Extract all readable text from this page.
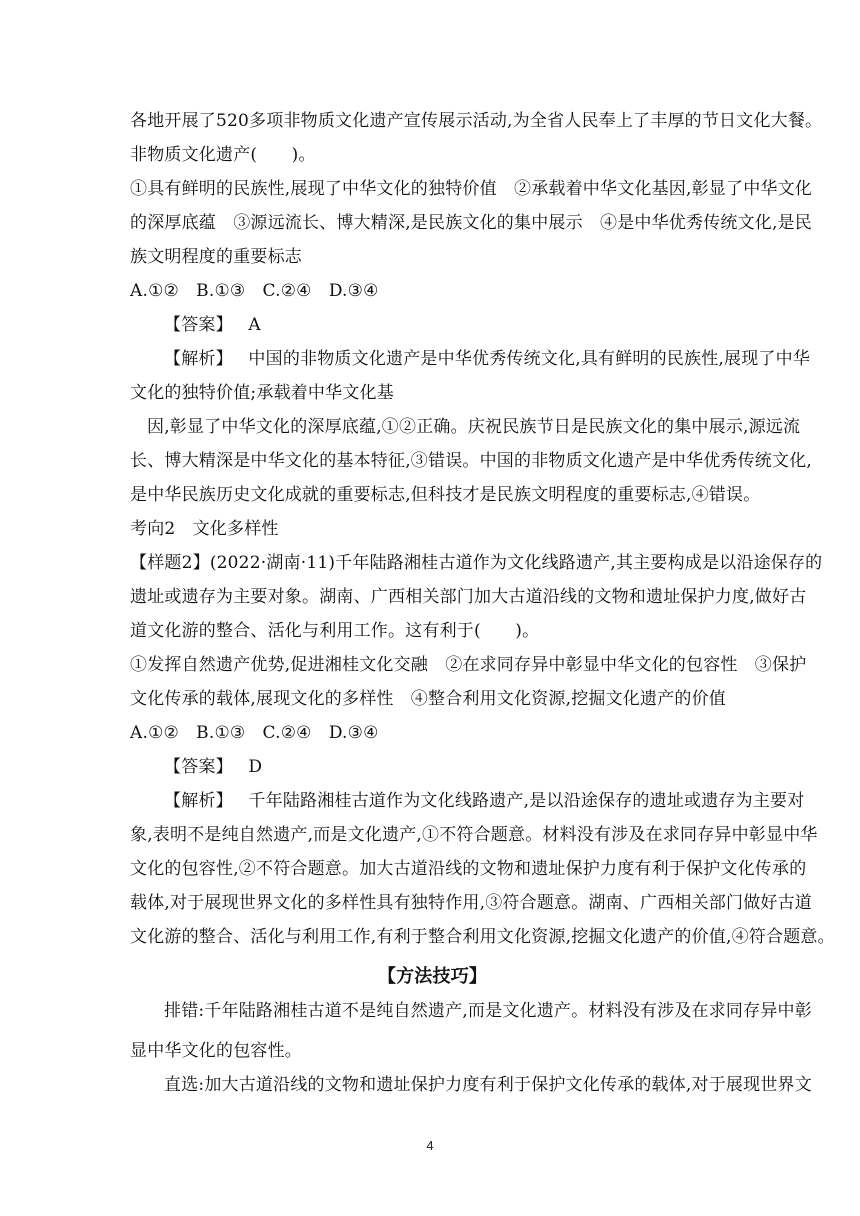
各地开展了520多项非物质文化遗产宣传展示活动,为全省人民奉上了丰厚的节日文化大餐。
非物质文化遗产(　　)。
①具有鲜明的民族性,展现了中华文化的独特价值　②承载着中华文化基因,彰显了中华文化
的深厚底蕴　③源远流长、博大精深,是民族文化的集中展示　④是中华优秀传统文化,是民
族文明程度的重要标志
A.①②　B.①③　C.②④　D.③④
【答案】 A
【解析】 中国的非物质文化遗产是中华优秀传统文化,具有鲜明的民族性,展现了中华
文化的独特价值;承载着中华文化基
因,彰显了中华文化的深厚底蕴,①②正确。庆祝民族节日是民族文化的集中展示,源远流
长、博大精深是中华文化的基本特征,③错误。中国的非物质文化遗产是中华优秀传统文化,
是中华民族历史文化成就的重要标志,但科技才是民族文明程度的重要标志,④错误。
考向2　文化多样性
【样题2】(2022·湖南·11)千年陆路湘桂古道作为文化线路遗产,其主要构成是以沿途保存的
遗址或遗存为主要对象。湖南、广西相关部门加大古道沿线的文物和遗址保护力度,做好古
道文化游的整合、活化与利用工作。这有利于(　　)。
①发挥自然遗产优势,促进湘桂文化交融　②在求同存异中彰显中华文化的包容性　③保护
文化传承的载体,展现文化的多样性　④整合利用文化资源,挖掘文化遗产的价值
A.①②　B.①③　C.②④　D.③④
【答案】 D
【解析】 千年陆路湘桂古道作为文化线路遗产,是以沿途保存的遗址或遗存为主要对
象,表明不是纯自然遗产,而是文化遗产,①不符合题意。材料没有涉及在求同存异中彰显中华
文化的包容性,②不符合题意。加大古道沿线的文物和遗址保护力度有利于保护文化传承的
载体,对于展现世界文化的多样性具有独特作用,③符合题意。湖南、广西相关部门做好古道
文化游的整合、活化与利用工作,有利于整合利用文化资源,挖掘文化遗产的价值,④符合题意。
【方法技巧】
排错:千年陆路湘桂古道不是纯自然遗产,而是文化遗产。材料没有涉及在求同存异中彰
显中华文化的包容性。
直选:加大古道沿线的文物和遗址保护力度有利于保护文化传承的载体,对于展现世界文
4
